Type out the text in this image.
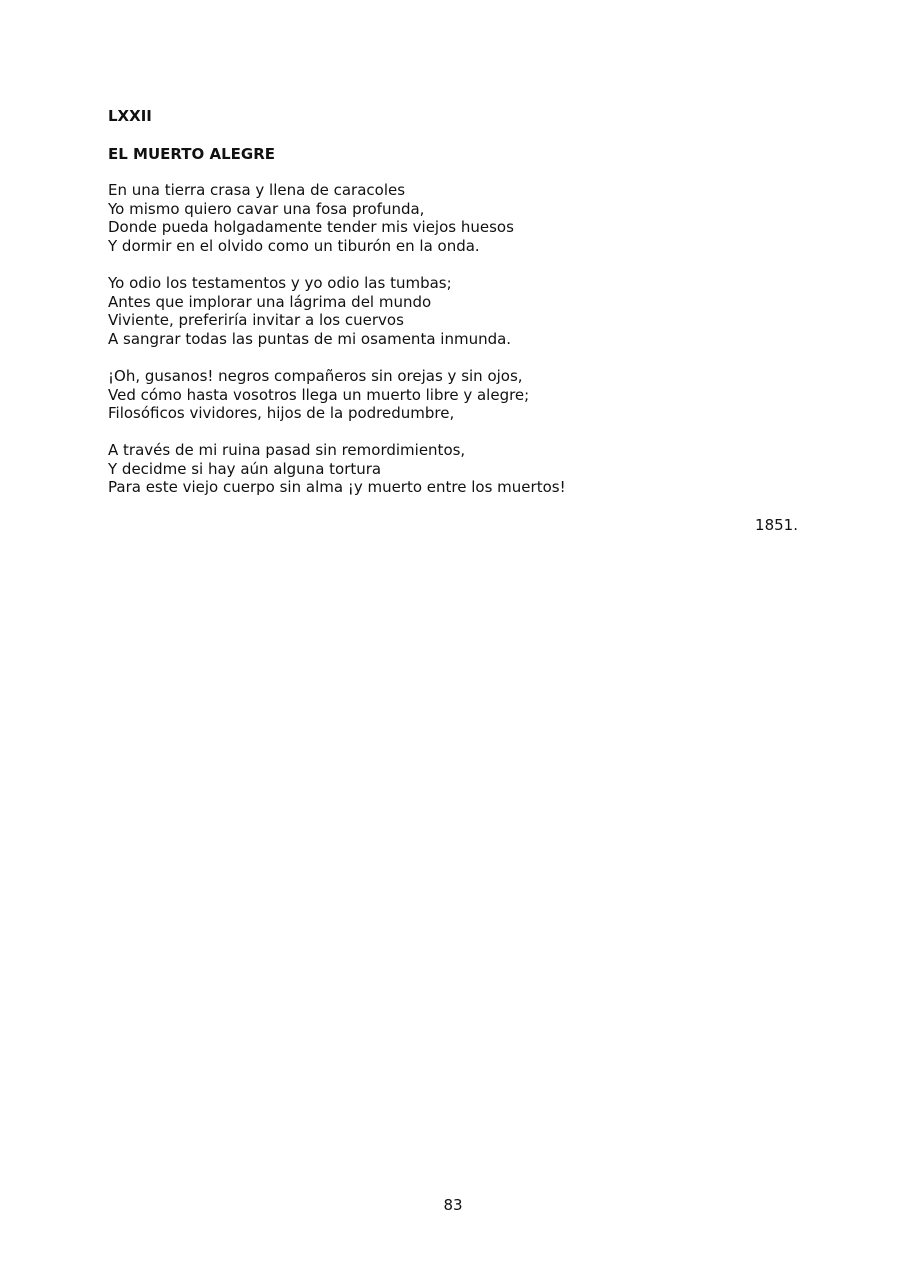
LXXII

EL MUERTO ALEGRE

En una tierra crasa y llena de caracoles
Yo mismo quiero cavar una fosa profunda,
Donde pueda holgadamente tender mis viejos huesos
Y dormir en el olvido como un tiburón en la onda.
Yo odio los testamentos y yo odio las tumbas;
Antes que implorar una lágrima del mundo
Viviente, preferiría invitar a los cuervos
A sangrar todas las puntas de mi osamenta inmunda.
¡Oh, gusanos! negros compañeros sin orejas y sin ojos,
Ved cómo hasta vosotros llega un muerto libre y alegre;
Filosóficos vividores, hijos de la podredumbre,
A través de mi ruina pasad sin remordimientos,
Y decidme si hay aún alguna tortura
Para este viejo cuerpo sin alma ¡y muerto entre los muertos!
1851.
83
